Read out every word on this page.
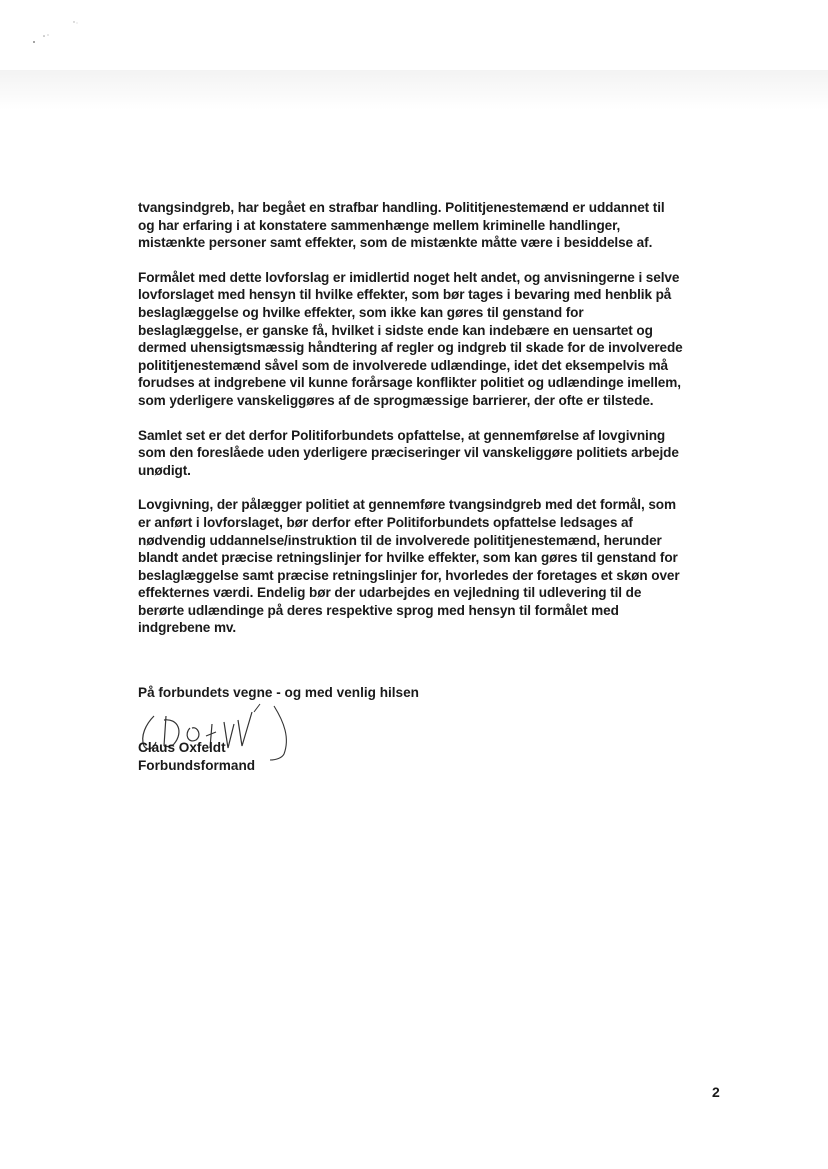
tvangsindgreb, har begået en strafbar handling. Polititjenestemænd er uddannet til
og har erfaring i at konstatere sammenhænge mellem kriminelle handlinger,
mistænkte personer samt effekter, som de mistænkte måtte være i besiddelse af.
Formålet med dette lovforslag er imidlertid noget helt andet, og anvisningerne i selve
lovforslaget med hensyn til hvilke effekter, som bør tages i bevaring med henblik på
beslaglæggelse og hvilke effekter, som ikke kan gøres til genstand for
beslaglæggelse, er ganske få, hvilket i sidste ende kan indebære en uensartet og
dermed uhensigtsmæssig håndtering af regler og indgreb til skade for de involverede
polititjenestemænd såvel som de involverede udlændinge, idet det eksempelvis må
forudses at indgrebene vil kunne forårsage konflikter politiet og udlændinge imellem,
som yderligere vanskeliggøres af de sprogmæssige barrierer, der ofte er tilstede.
Samlet set er det derfor Politiforbundets opfattelse, at gennemførelse af lovgivning
som den foreslåede uden yderligere præciseringer vil vanskeliggøre politiets arbejde
unødigt.
Lovgivning, der pålægger politiet at gennemføre tvangsindgreb med det formål, som
er anført i lovforslaget, bør derfor efter Politiforbundets opfattelse ledsages af
nødvendig uddannelse/instruktion til de involverede polititjenestemænd, herunder
blandt andet præcise retningslinjer for hvilke effekter, som kan gøres til genstand for
beslaglæggelse samt præcise retningslinjer for, hvorledes der foretages et skøn over
effekternes værdi. Endelig bør der udarbejdes en vejledning til udlevering til de
berørte udlændinge på deres respektive sprog med hensyn til formålet med
indgrebene mv.
På forbundets vegne - og med venlig hilsen
Claus Oxfeldt
Forbundsformand
2
